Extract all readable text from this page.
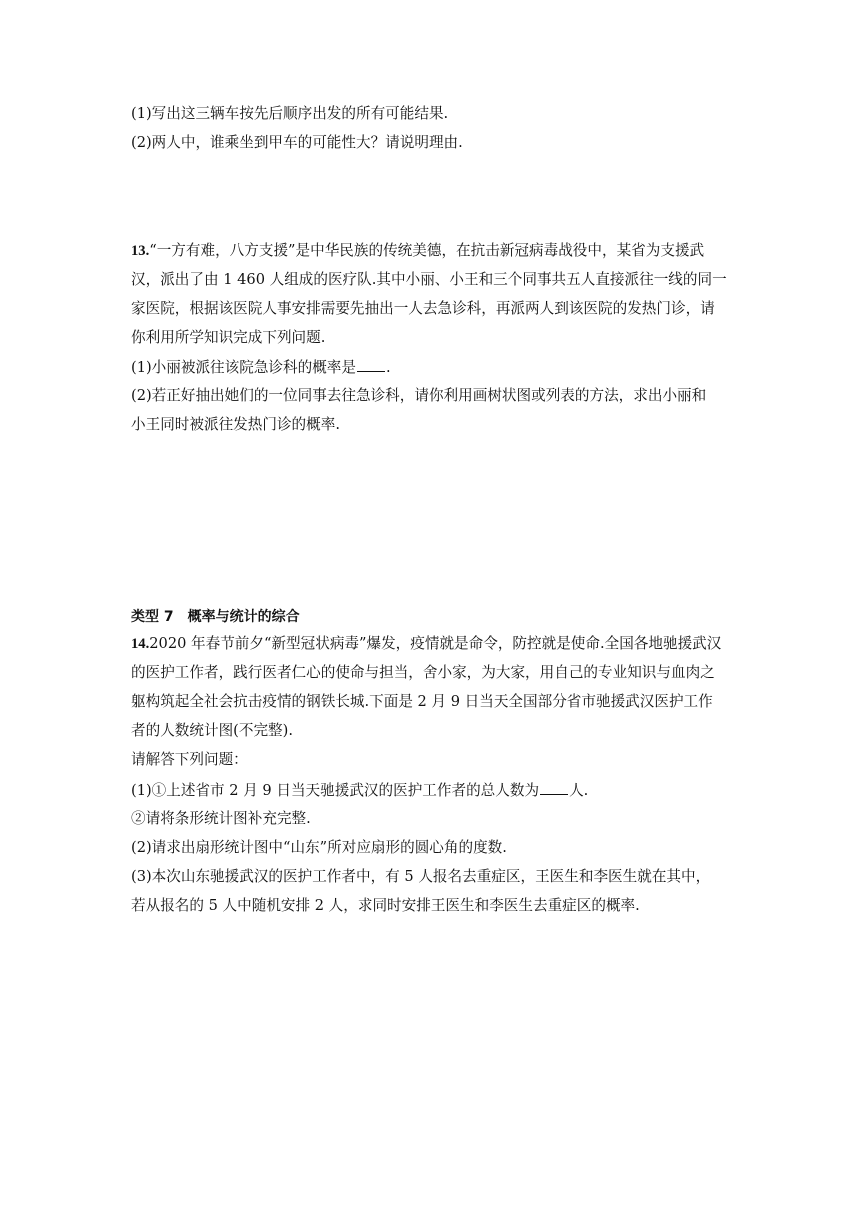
(1)写出这三辆车按先后顺序出发的所有可能结果.
(2)两人中，谁乘坐到甲车的可能性大？请说明理由.
13.“一方有难，八方支援”是中华民族的传统美德，在抗击新冠病毒战役中，某省为支援武
汉，派出了由 1 460 人组成的医疗队.其中小丽、小王和三个同事共五人直接派往一线的同一
家医院，根据该医院人事安排需要先抽出一人去急诊科，再派两人到该医院的发热门诊，请
你利用所学知识完成下列问题.
(1)小丽被派往该院急诊科的概率是 .
(2)若正好抽出她们的一位同事去往急诊科，请你利用画树状图或列表的方法，求出小丽和
小王同时被派往发热门诊的概率.
类型 7　概率与统计的综合
14.2020 年春节前夕“新型冠状病毒”爆发，疫情就是命令，防控就是使命.全国各地驰援武汉
的医护工作者，践行医者仁心的使命与担当，舍小家，为大家，用自己的专业知识与血肉之
躯构筑起全社会抗击疫情的钢铁长城.下面是 2 月 9 日当天全国部分省市驰援武汉医护工作
者的人数统计图(不完整).
请解答下列问题：
(1)①上述省市 2 月 9 日当天驰援武汉的医护工作者的总人数为 人.
②请将条形统计图补充完整.
(2)请求出扇形统计图中“山东”所对应扇形的圆心角的度数.
(3)本次山东驰援武汉的医护工作者中，有 5 人报名去重症区，王医生和李医生就在其中，
若从报名的 5 人中随机安排 2 人，求同时安排王医生和李医生去重症区的概率.
